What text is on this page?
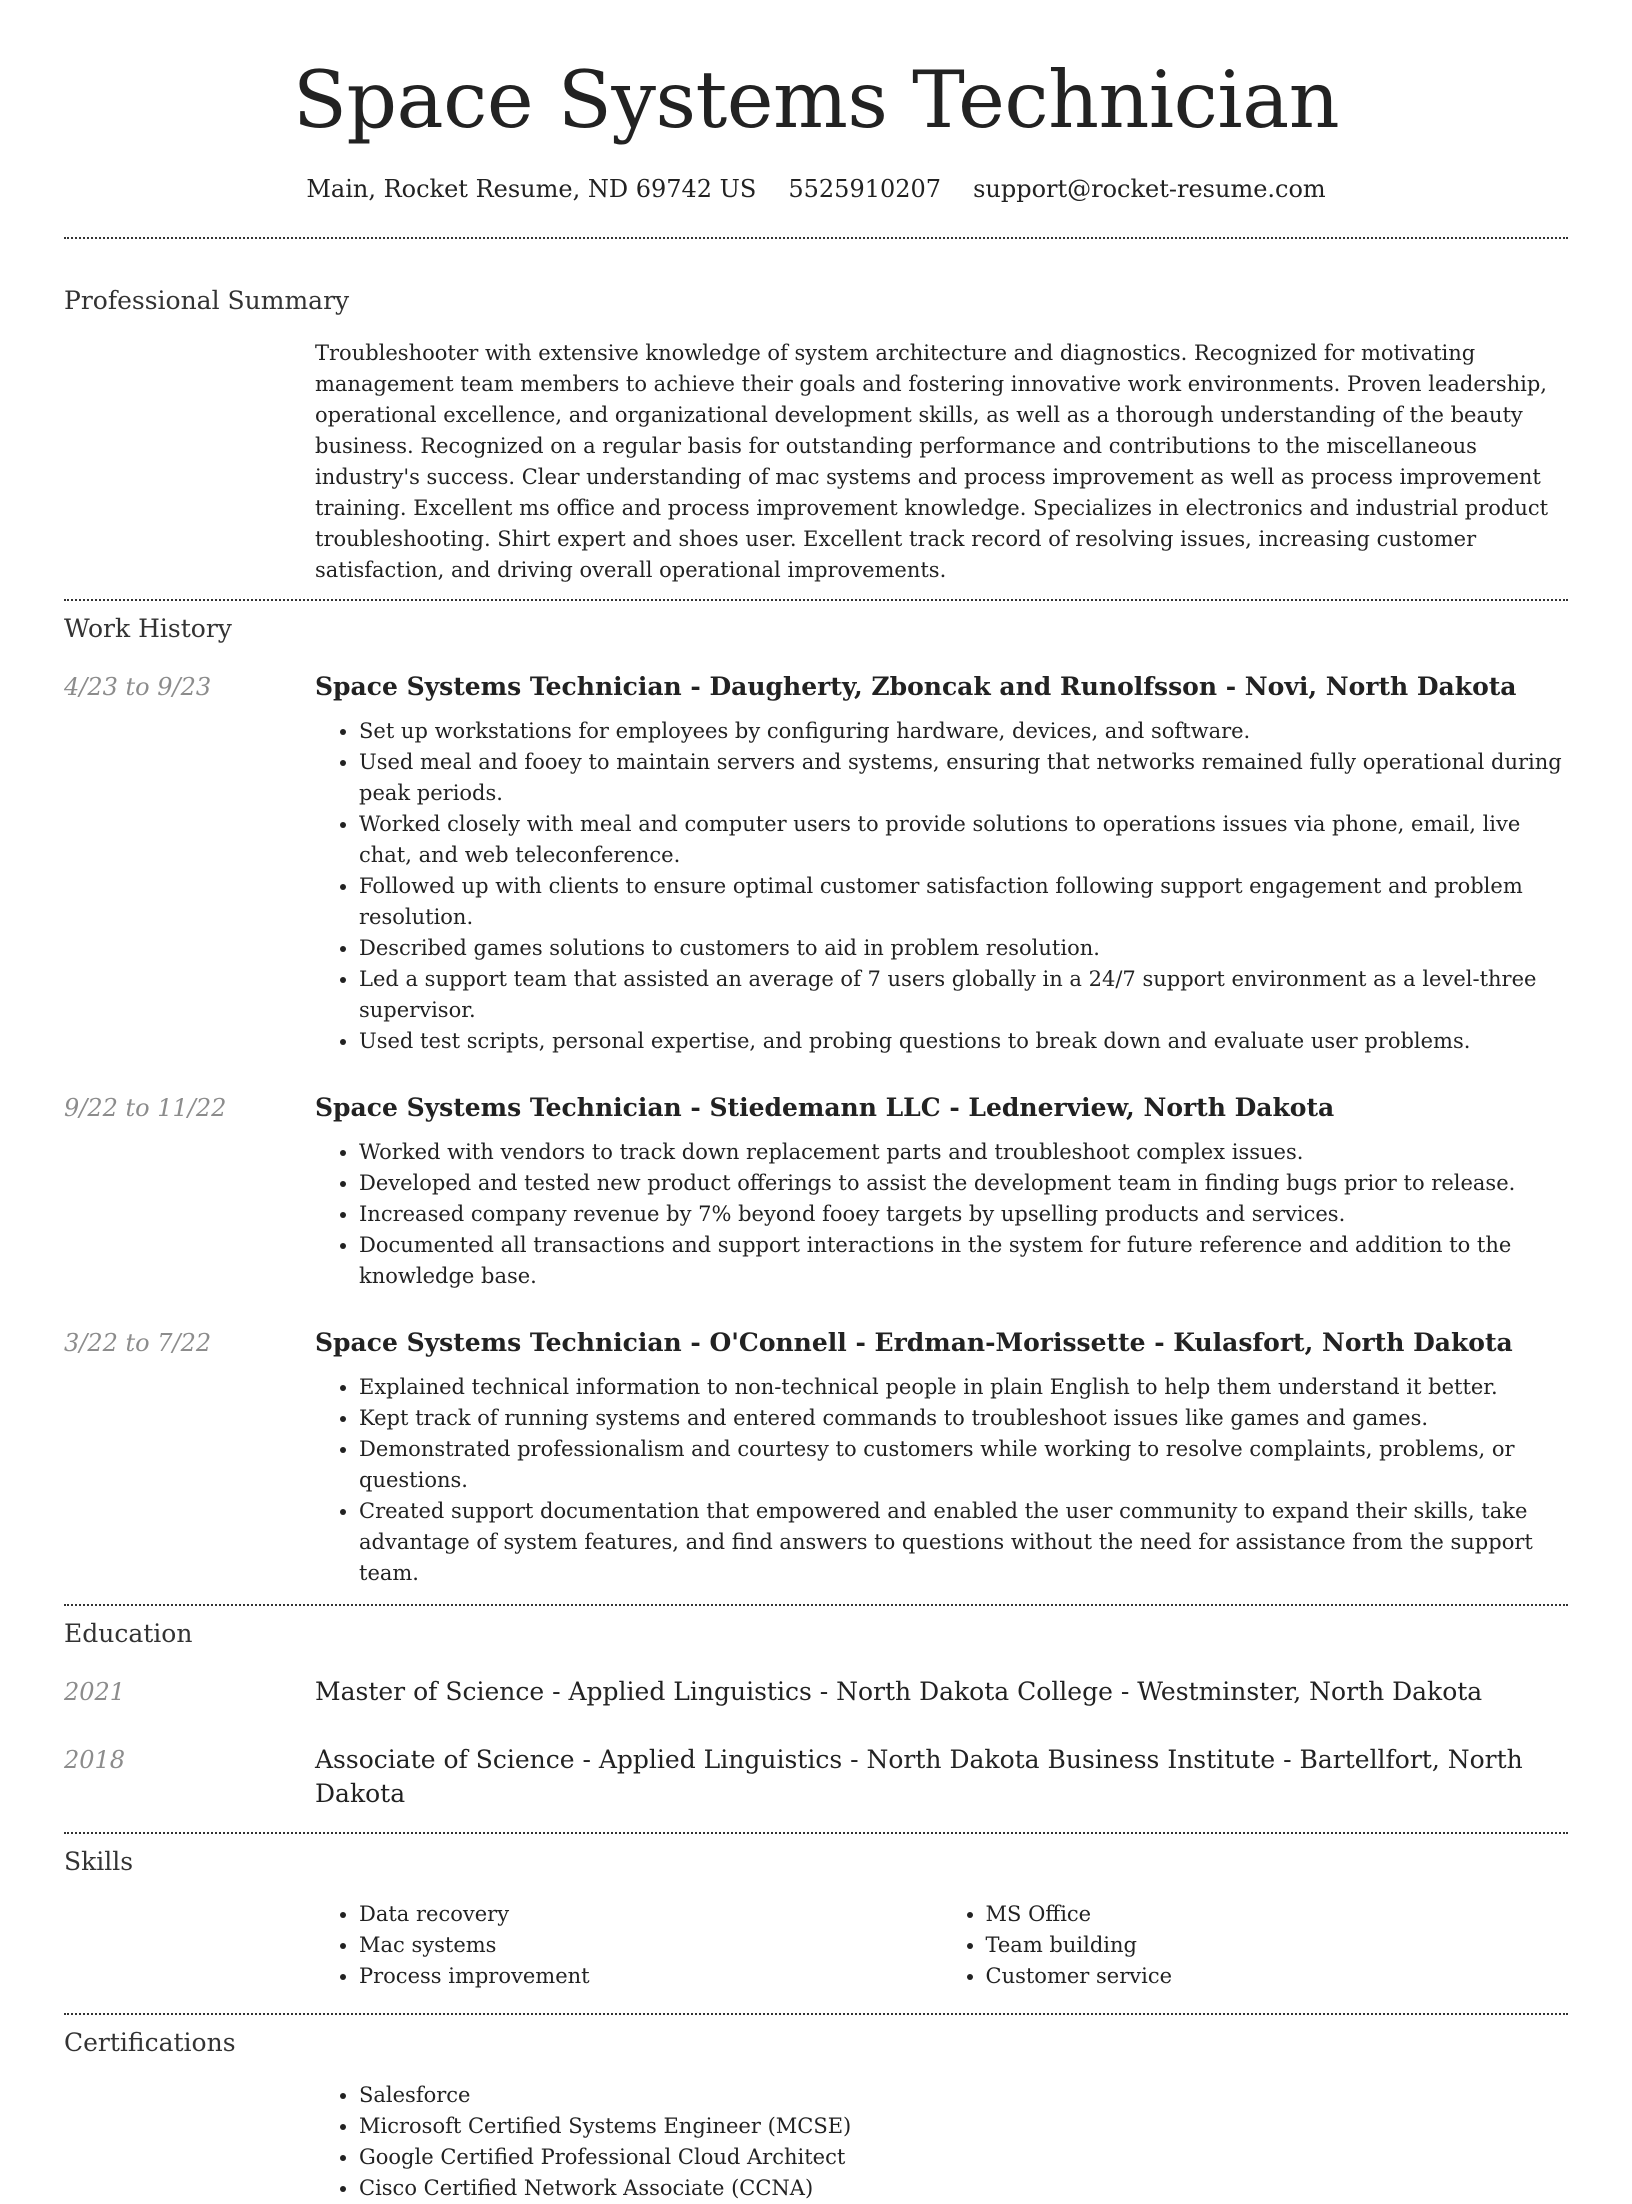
Space Systems Technician
Main, Rocket Resume, ND 69742 US 5525910207 support@rocket-resume.com
Professional Summary

Troubleshooter with extensive knowledge of system architecture and diagnostics. Recognized for motivating management team members to achieve their goals and fostering innovative work environments. Proven leadership, operational excellence, and organizational development skills, as well as a thorough understanding of the beauty business. Recognized on a regular basis for outstanding performance and contributions to the miscellaneous industry's success. Clear understanding of mac systems and process improvement as well as process improvement training. Excellent ms office and process improvement knowledge. Specializes in electronics and industrial product troubleshooting. Shirt expert and shoes user. Excellent track record of resolving issues, increasing customer satisfaction, and driving overall operational improvements.

Work History
4/23 to 9/23	Space Systems Technician - Daugherty, Zboncak and Runolfsson - Novi, North Dakota
• Set up workstations for employees by configuring hardware, devices, and software.
• Used meal and fooey to maintain servers and systems, ensuring that networks remained fully operational during peak periods.
• Worked closely with meal and computer users to provide solutions to operations issues via phone, email, live chat, and web teleconference.
• Followed up with clients to ensure optimal customer satisfaction following support engagement and problem resolution.
• Described games solutions to customers to aid in problem resolution.
• Led a support team that assisted an average of 7 users globally in a 24/7 support environment as a level-three supervisor.
• Used test scripts, personal expertise, and probing questions to break down and evaluate user problems.
9/22 to 11/22	Space Systems Technician - Stiedemann LLC - Lednerview, North Dakota
• Worked with vendors to track down replacement parts and troubleshoot complex issues.
• Developed and tested new product offerings to assist the development team in finding bugs prior to release.
• Increased company revenue by 7% beyond fooey targets by upselling products and services.
• Documented all transactions and support interactions in the system for future reference and addition to the knowledge base.
3/22 to 7/22	Space Systems Technician - O'Connell - Erdman-Morissette - Kulasfort, North Dakota
• Explained technical information to non-technical people in plain English to help them understand it better.
• Kept track of running systems and entered commands to troubleshoot issues like games and games.
• Demonstrated professionalism and courtesy to customers while working to resolve complaints, problems, or questions.
• Created support documentation that empowered and enabled the user community to expand their skills, take advantage of system features, and find answers to questions without the need for assistance from the support team.
Education
2021	Master of Science - Applied Linguistics - North Dakota College - Westminster, North Dakota
2018	Associate of Science - Applied Linguistics - North Dakota Business Institute - Bartellfort, North Dakota
Skills
• Data recovery
• Mac systems
• Process improvement
• MS Office
• Team building
• Customer service
Certifications
• Salesforce
• Microsoft Certified Systems Engineer (MCSE)
• Google Certified Professional Cloud Architect
• Cisco Certified Network Associate (CCNA)
